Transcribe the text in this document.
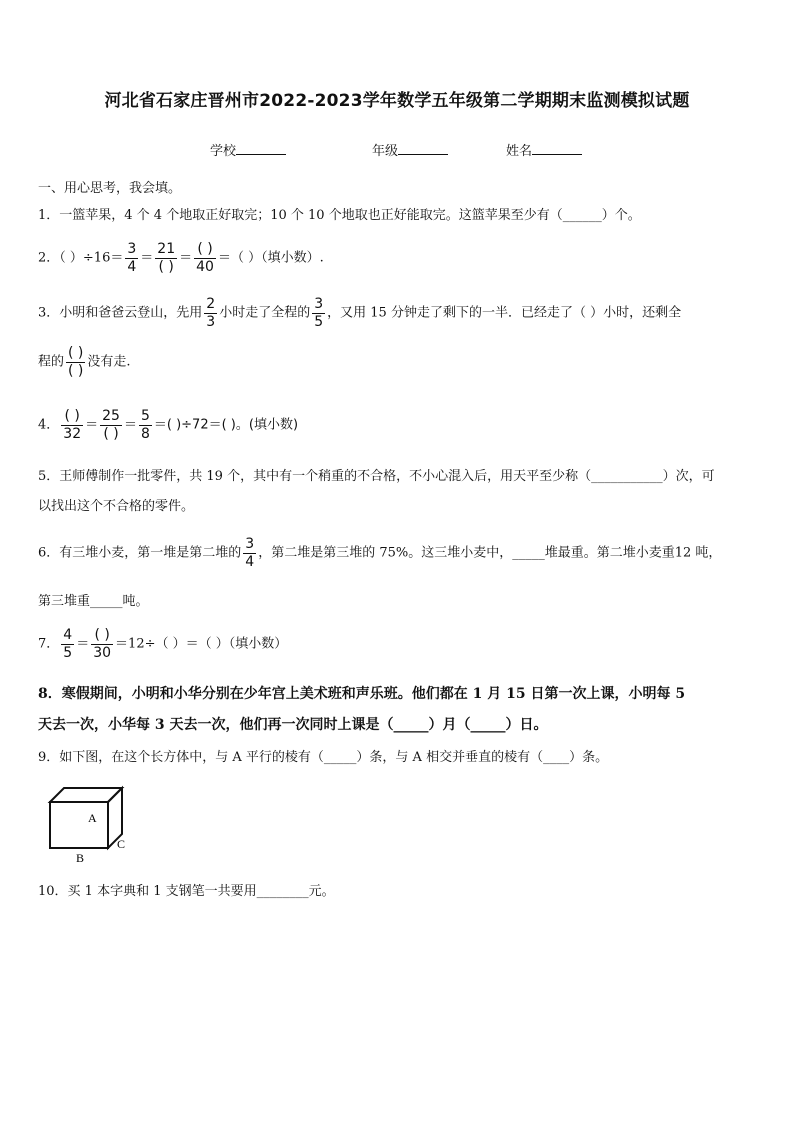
河北省石家庄晋州市2022-2023学年数学五年级第二学期期末监测模拟试题
学校	年级	姓名
一、用心思考，我会填。
1．一篮苹果，4 个 4 个地取正好取完；10 个 10 个地取也正好能取完。这篮苹果至少有（______）个。
2．（ ）$\div 16= \frac{3}{4} = \frac{21}{( )} = \frac{( )}{40}$ ＝（ ）（填小数）.
3．小明和爸爸云登山，先用 $\frac{2}{3}$ 小时走了全程的 $\frac{3}{5}$ ，又用 15 分钟走了剩下的一半．已经走了（ ）小时，还剩全
程的 $\frac{( )}{( )}$ 没有走.
4． $\frac{( )}{32} = \frac{25}{( )} = \frac{5}{8}$ ＝( )÷72＝( )。(填小数)
5．王师傅制作一批零件，共 19 个，其中有一个稍重的不合格，不小心混入后，用天平至少称（___________）次，可
以找出这个不合格的零件。
6．有三堆小麦，第一堆是第二堆的 $\frac{3}{4}$ ，第二堆是第三堆的 75%。这三堆小麦中，_____堆最重。第二堆小麦重12 吨，
第三堆重_____吨。
7． $\frac{4}{5} = \frac{( )}{30} =12\div$（ ）＝（ ）（填小数）
8．寒假期间，小明和小华分别在少年宫上美术班和声乐班。他们都在 1 月 15 日第一次上课，小明每 5
天去一次，小华每 3 天去一次，他们再一次同时上课是（_____）月（_____）日。
9．如下图，在这个长方体中，与 A 平行的棱有（_____）条，与 A 相交并垂直的棱有（____）条。
A
B
C
10．买 1 本字典和 1 支钢笔一共要用________元。
